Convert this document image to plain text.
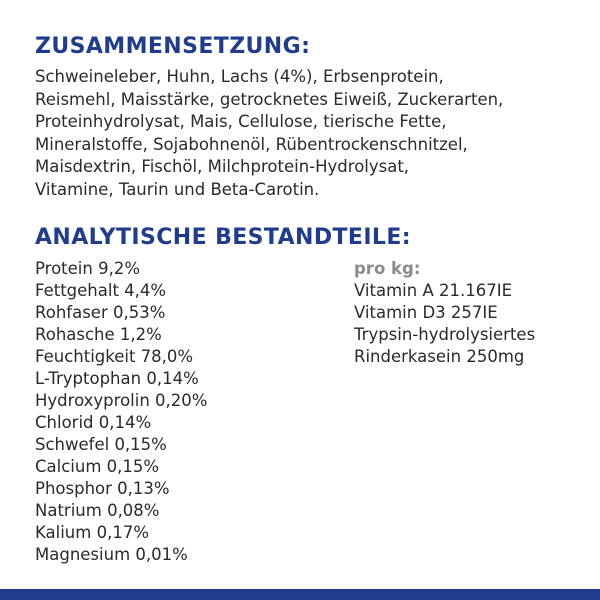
ZUSAMMENSETZUNG:

Schweineleber, Huhn, Lachs (4%), Erbsenprotein,
Reismehl, Maisstärke, getrocknetes Eiweiß, Zuckerarten,
Proteinhydrolysat, Mais, Cellulose, tierische Fette,
Mineralstoffe, Sojabohnenöl, Rübentrockenschnitzel,
Maisdextrin, Fischöl, Milchprotein-Hydrolysat,
Vitamine, Taurin und Beta-Carotin.

ANALYTISCHE BESTANDTEILE:
Protein 9,2%
Fettgehalt 4,4%
Rohfaser 0,53%
Rohasche 1,2%
Feuchtigkeit 78,0%
L-Tryptophan 0,14%
Hydroxyprolin 0,20%
Chlorid 0,14%
Schwefel 0,15%
Calcium 0,15%
Phosphor 0,13%
Natrium 0,08%
Kalium 0,17%
Magnesium 0,01%
pro kg:
Vitamin A 21.167IE
Vitamin D3 257IE
Trypsin-hydrolysiertes
Rinderkasein 250mg
